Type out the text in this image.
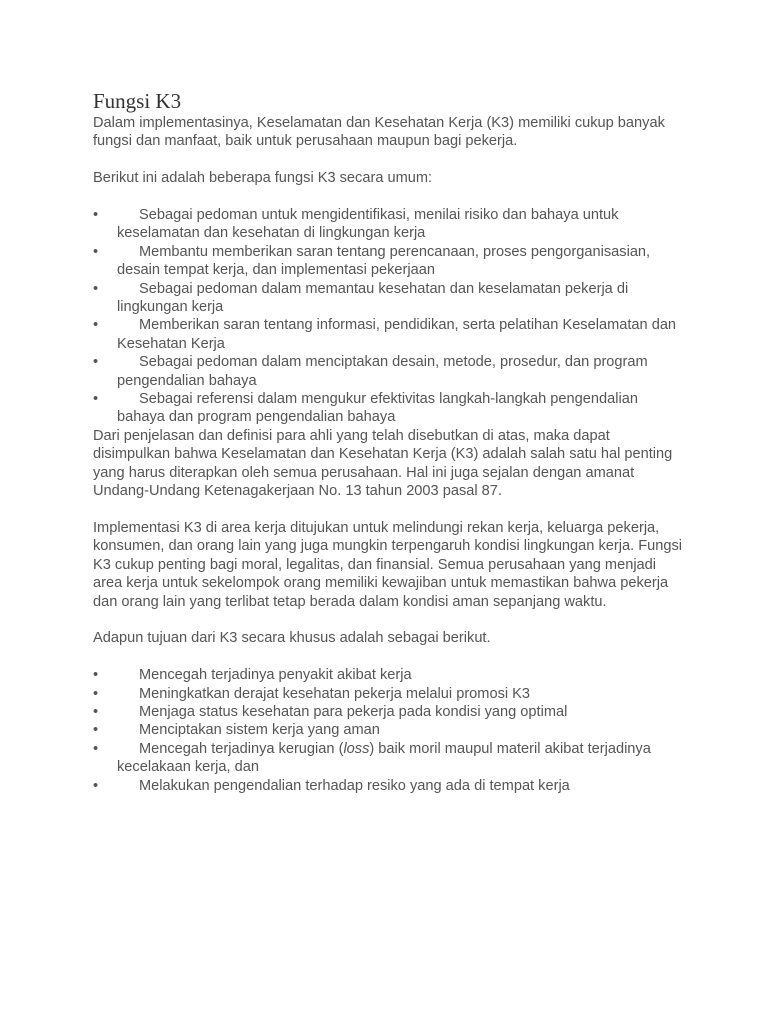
Fungsi K3

Dalam implementasinya, Keselamatan dan Kesehatan Kerja (K3) memiliki cukup banyak fungsi dan manfaat, baik untuk perusahaan maupun bagi pekerja.

Berikut ini adalah beberapa fungsi K3 secara umum:

•	Sebagai pedoman untuk mengidentifikasi, menilai risiko dan bahaya untuk keselamatan dan kesehatan di lingkungan kerja
•	Membantu memberikan saran tentang perencanaan, proses pengorganisasian, desain tempat kerja, dan implementasi pekerjaan
•	Sebagai pedoman dalam memantau kesehatan dan keselamatan pekerja di lingkungan kerja
•	Memberikan saran tentang informasi, pendidikan, serta pelatihan Keselamatan dan Kesehatan Kerja
•	Sebagai pedoman dalam menciptakan desain, metode, prosedur, dan program pengendalian bahaya
•	Sebagai referensi dalam mengukur efektivitas langkah-langkah pengendalian bahaya dan program pengendalian bahaya

Dari penjelasan dan definisi para ahli yang telah disebutkan di atas, maka dapat disimpulkan bahwa Keselamatan dan Kesehatan Kerja (K3) adalah salah satu hal penting yang harus diterapkan oleh semua perusahaan. Hal ini juga sejalan dengan amanat Undang-Undang Ketenagakerjaan No. 13 tahun 2003 pasal 87.

Implementasi K3 di area kerja ditujukan untuk melindungi rekan kerja, keluarga pekerja, konsumen, dan orang lain yang juga mungkin terpengaruh kondisi lingkungan kerja. Fungsi K3 cukup penting bagi moral, legalitas, dan finansial. Semua perusahaan yang menjadi area kerja untuk sekelompok orang memiliki kewajiban untuk memastikan bahwa pekerja dan orang lain yang terlibat tetap berada dalam kondisi aman sepanjang waktu.

Adapun tujuan dari K3 secara khusus adalah sebagai berikut.

•	Mencegah terjadinya penyakit akibat kerja
•	Meningkatkan derajat kesehatan pekerja melalui promosi K3
•	Menjaga status kesehatan para pekerja pada kondisi yang optimal
•	Menciptakan sistem kerja yang aman
•	Mencegah terjadinya kerugian (loss) baik moril maupul materil akibat terjadinya kecelakaan kerja, dan
•	Melakukan pengendalian terhadap resiko yang ada di tempat kerja
